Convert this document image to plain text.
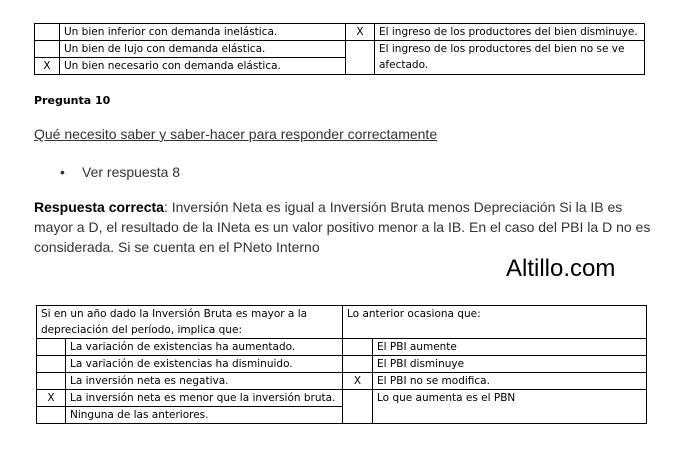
	Un bien inferior con demanda inelástica.	X	El ingreso de los productores del bien disminuye.
	Un bien de lujo con demanda elástica.		El ingreso de los productores del bien no se ve afectado.
X	Un bien necesario con demanda elástica.		
Pregunta 10
Qué necesito saber y saber-hacer para responder correctamente
• Ver respuesta 8
Respuesta correcta: Inversión Neta es igual a Inversión Bruta menos Depreciación Si la IB es mayor a D, el resultado de la INeta es un valor positivo menor a la IB. En el caso del PBI la D no es considerada. Si se cuenta en el PNeto Interno
Altillo.com
Si en un año dado la Inversión Bruta es mayor a la depreciación del período, implica que:		Lo anterior ocasiona que:	
	La variación de existencias ha aumentado.		El PBI aumente
	La variación de existencias ha disminuido.		El PBI disminuye
	La inversión neta es negativa.	X	El PBI no se modifica.
X	La inversión neta es menor que la inversión bruta.		Lo que aumenta es el PBN
	Ninguna de las anteriores.		
